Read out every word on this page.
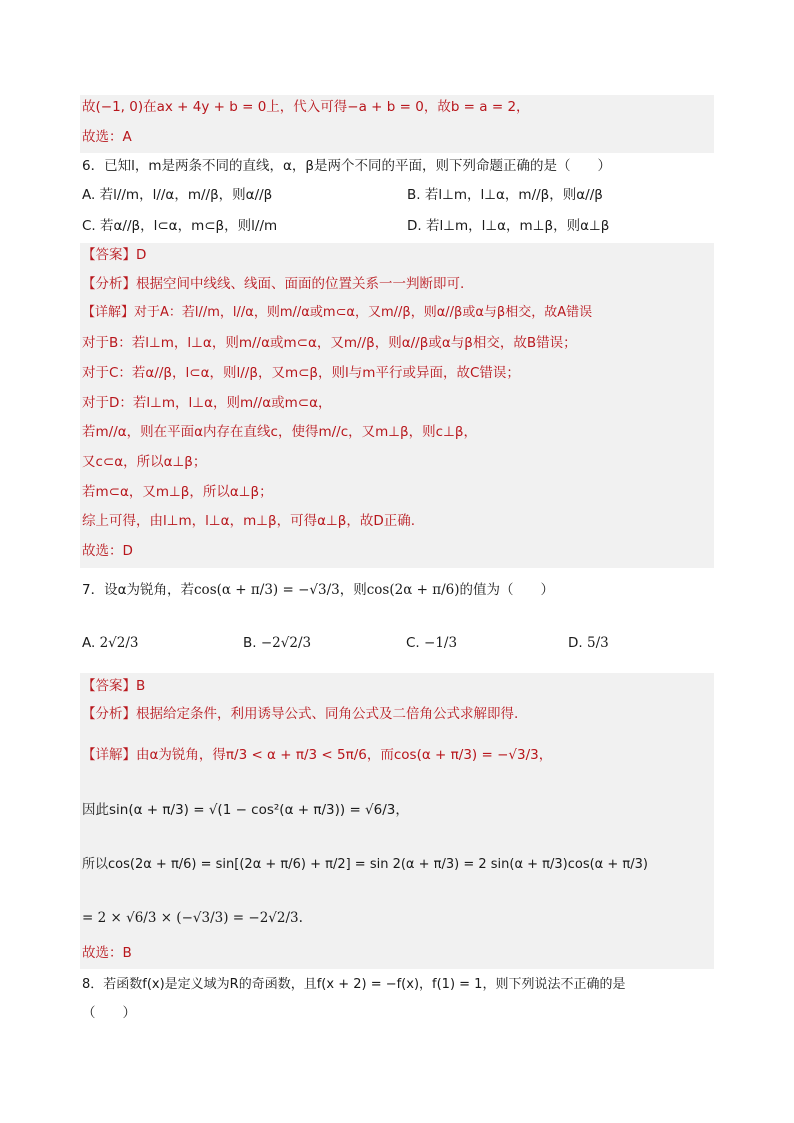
故(−1, 0)在ax + 4y + b = 0上，代入可得−a + b = 0，故b = a = 2，
故选：A
6．已知l，m是两条不同的直线，α，β是两个不同的平面，则下列命题正确的是（　　）
A. 若l//m，l//α，m//β，则α//β	B. 若l⊥m，l⊥α，m//β，则α//β
C. 若α//β，l⊂α，m⊂β，则l//m	D. 若l⊥m，l⊥α，m⊥β，则α⊥β
【答案】D
【分析】根据空间中线线、线面、面面的位置关系一一判断即可.
【详解】对于A：若l//m，l//α，则m//α或m⊂α，又m//β，则α//β或α与β相交，故A错误
对于B：若l⊥m，l⊥α，则m//α或m⊂α，又m//β，则α//β或α与β相交，故B错误；
对于C：若α//β，l⊂α，则l//β，又m⊂β，则l与m平行或异面，故C错误；
对于D：若l⊥m，l⊥α，则m//α或m⊂α，
若m//α，则在平面α内存在直线c，使得m//c，又m⊥β，则c⊥β，
又c⊂α，所以α⊥β；
若m⊂α，又m⊥β，所以α⊥β；
综上可得，由l⊥m，l⊥α，m⊥β，可得α⊥β，故D正确.
故选：D
7．设α为锐角，若cos(α + π/3) = −√3/3，则cos(2α + π/6)的值为（　　）
A. 2√2/3	B. −2√2/3	C. −1/3	D. 5/3
【答案】B
【分析】根据给定条件，利用诱导公式、同角公式及二倍角公式求解即得.
【详解】由α为锐角，得π/3 < α + π/3 < 5π/6，而cos(α + π/3) = −√3/3，
因此sin(α + π/3) = √(1 − cos²(α + π/3)) = √6/3，
所以cos(2α + π/6) = sin[(2α + π/6) + π/2] = sin 2(α + π/3) = 2 sin(α + π/3)cos(α + π/3)
= 2 × √6/3 × (−√3/3) = −2√2/3.
故选：B
8．若函数f(x)是定义域为R的奇函数，且f(x + 2) = −f(x)，f(1) = 1，则下列说法不正确的是
（　　）
